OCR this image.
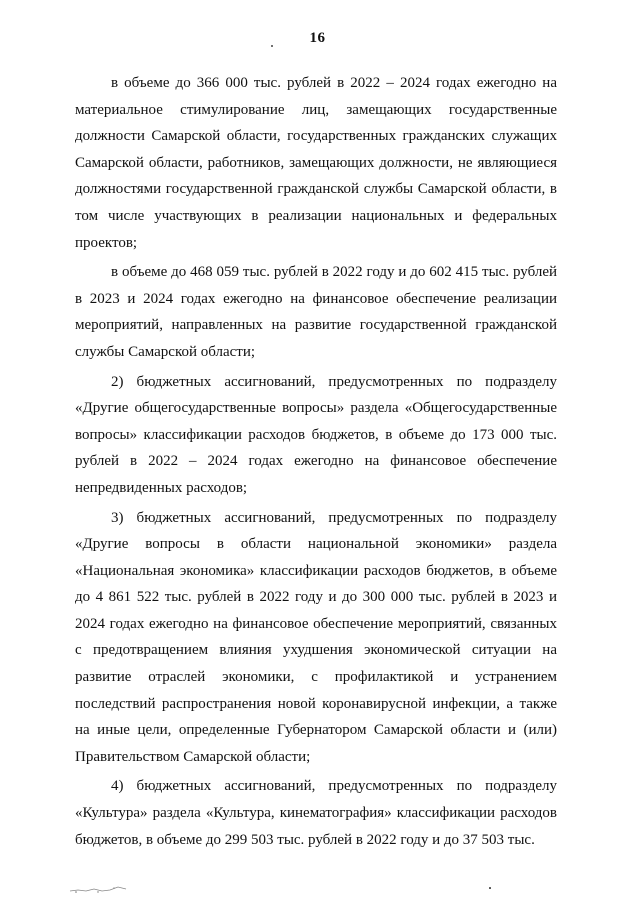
16

в объеме до 366 000 тыс. рублей в 2022 – 2024 годах ежегодно на материальное стимулирование лиц, замещающих государственные должности Самарской области, государственных гражданских служащих Самарской области, работников, замещающих должности, не являющиеся должностями государственной гражданской службы Самарской области, в том числе участвующих в реализации национальных и федеральных проектов;

в объеме до 468 059 тыс. рублей в 2022 году и до 602 415 тыс. рублей в 2023 и 2024 годах ежегодно на финансовое обеспечение реализации мероприятий, направленных на развитие государственной гражданской службы Самарской области;

2) бюджетных ассигнований, предусмотренных по подразделу «Другие общегосударственные вопросы» раздела «Общегосударственные вопросы» классификации расходов бюджетов, в объеме до 173 000 тыс. рублей в 2022 – 2024 годах ежегодно на финансовое обеспечение непредвиденных расходов;

3) бюджетных ассигнований, предусмотренных по подразделу «Другие вопросы в области национальной экономики» раздела «Национальная экономика» классификации расходов бюджетов, в объеме до 4 861 522 тыс. рублей в 2022 году и до 300 000 тыс. рублей в 2023 и 2024 годах ежегодно на финансовое обеспечение мероприятий, связанных с предотвращением влияния ухудшения экономической ситуации на развитие отраслей экономики, с профилактикой и устранением последствий распространения новой коронавирусной инфекции, а также на иные цели, определенные Губернатором Самарской области и (или) Правительством Самарской области;

4) бюджетных ассигнований, предусмотренных по подразделу «Культура» раздела «Культура, кинематография» классификации расходов бюджетов, в объеме до 299 503 тыс. рублей в 2022 году и до 37 503 тыс.
